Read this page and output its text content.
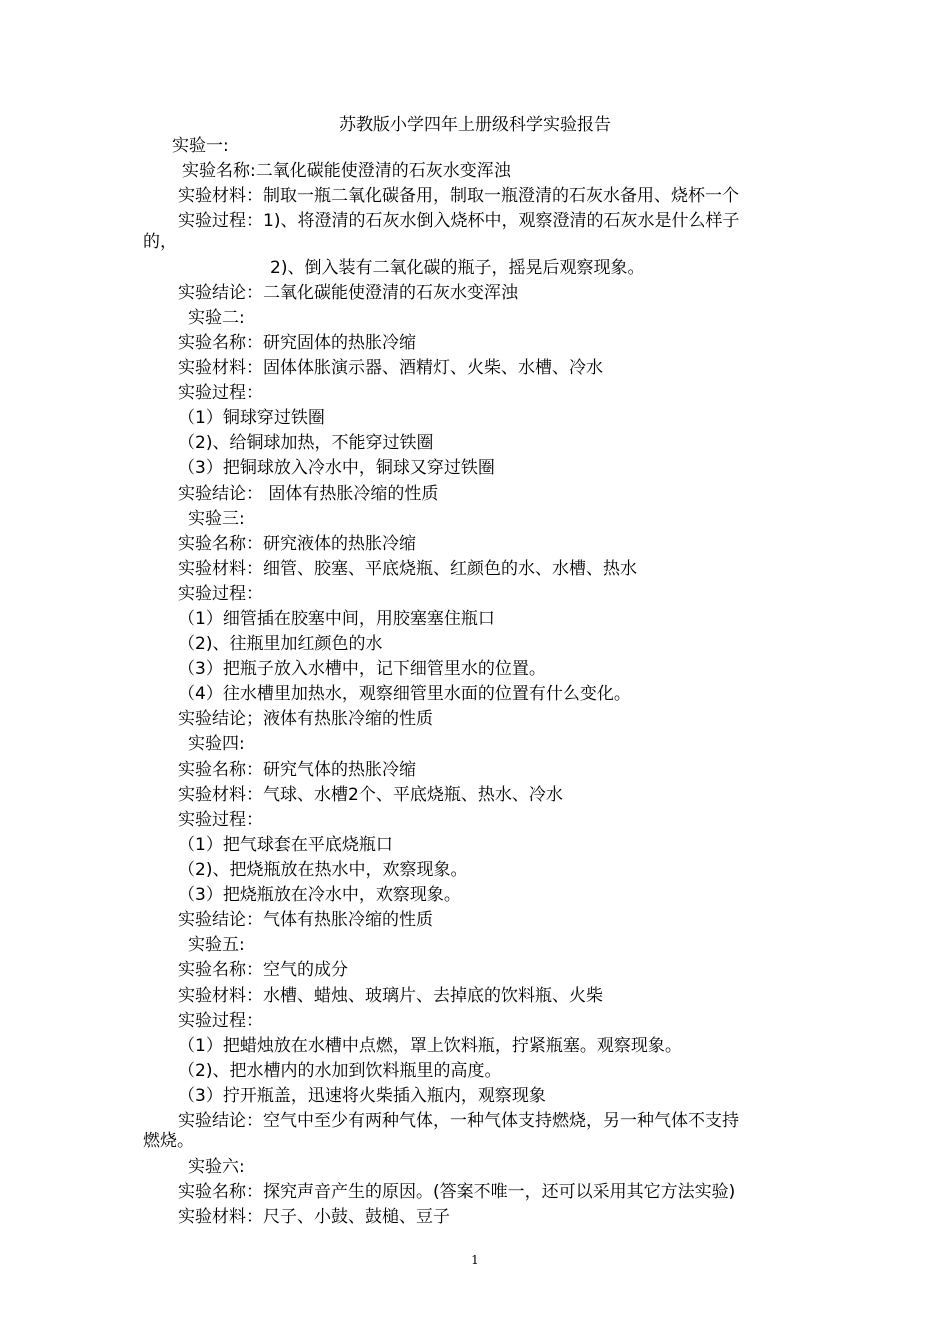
苏教版小学四年上册级科学实验报告
实验一:
实验名称:二氧化碳能使澄清的石灰水变浑浊
实验材料：制取一瓶二氧化碳备用，制取一瓶澄清的石灰水备用、烧杯一个
实验过程：1)、将澄清的石灰水倒入烧杯中，观察澄清的石灰水是什么样子
的，
2)、倒入装有二氧化碳的瓶子，摇晃后观察现象。
实验结论：二氧化碳能使澄清的石灰水变浑浊
实验二:
实验名称：研究固体的热胀冷缩
实验材料：固体体胀演示器、酒精灯、火柴、水槽、冷水
实验过程：
（1）铜球穿过铁圈
（2)、给铜球加热，不能穿过铁圈
（3）把铜球放入冷水中，铜球又穿过铁圈
实验结论： 固体有热胀冷缩的性质
实验三:
实验名称：研究液体的热胀冷缩
实验材料：细管、胶塞、平底烧瓶、红颜色的水、水槽、热水
实验过程：
（1）细管插在胶塞中间，用胶塞塞住瓶口
（2)、往瓶里加红颜色的水
（3）把瓶子放入水槽中，记下细管里水的位置。
（4）往水槽里加热水，观察细管里水面的位置有什么变化。
实验结论；液体有热胀冷缩的性质
实验四:
实验名称：研究气体的热胀冷缩
实验材料：气球、水槽2个、平底烧瓶、热水、冷水
实验过程：
（1）把气球套在平底烧瓶口
（2)、把烧瓶放在热水中，欢察现象。
（3）把烧瓶放在冷水中，欢察现象。
实验结论：气体有热胀冷缩的性质
实验五:
实验名称：空气的成分
实验材料：水槽、蜡烛、玻璃片、去掉底的饮料瓶、火柴
实验过程：
（1）把蜡烛放在水槽中点燃，罩上饮料瓶，拧紧瓶塞。观察现象。
（2)、把水槽内的水加到饮料瓶里的高度。
（3）拧开瓶盖，迅速将火柴插入瓶内，观察现象
实验结论：空气中至少有两种气体，一种气体支持燃烧，另一种气体不支持
燃烧。
实验六:
实验名称：探究声音产生的原因。(答案不唯一，还可以采用其它方法实验)
实验材料：尺子、小鼓、鼓槌、豆子
1
